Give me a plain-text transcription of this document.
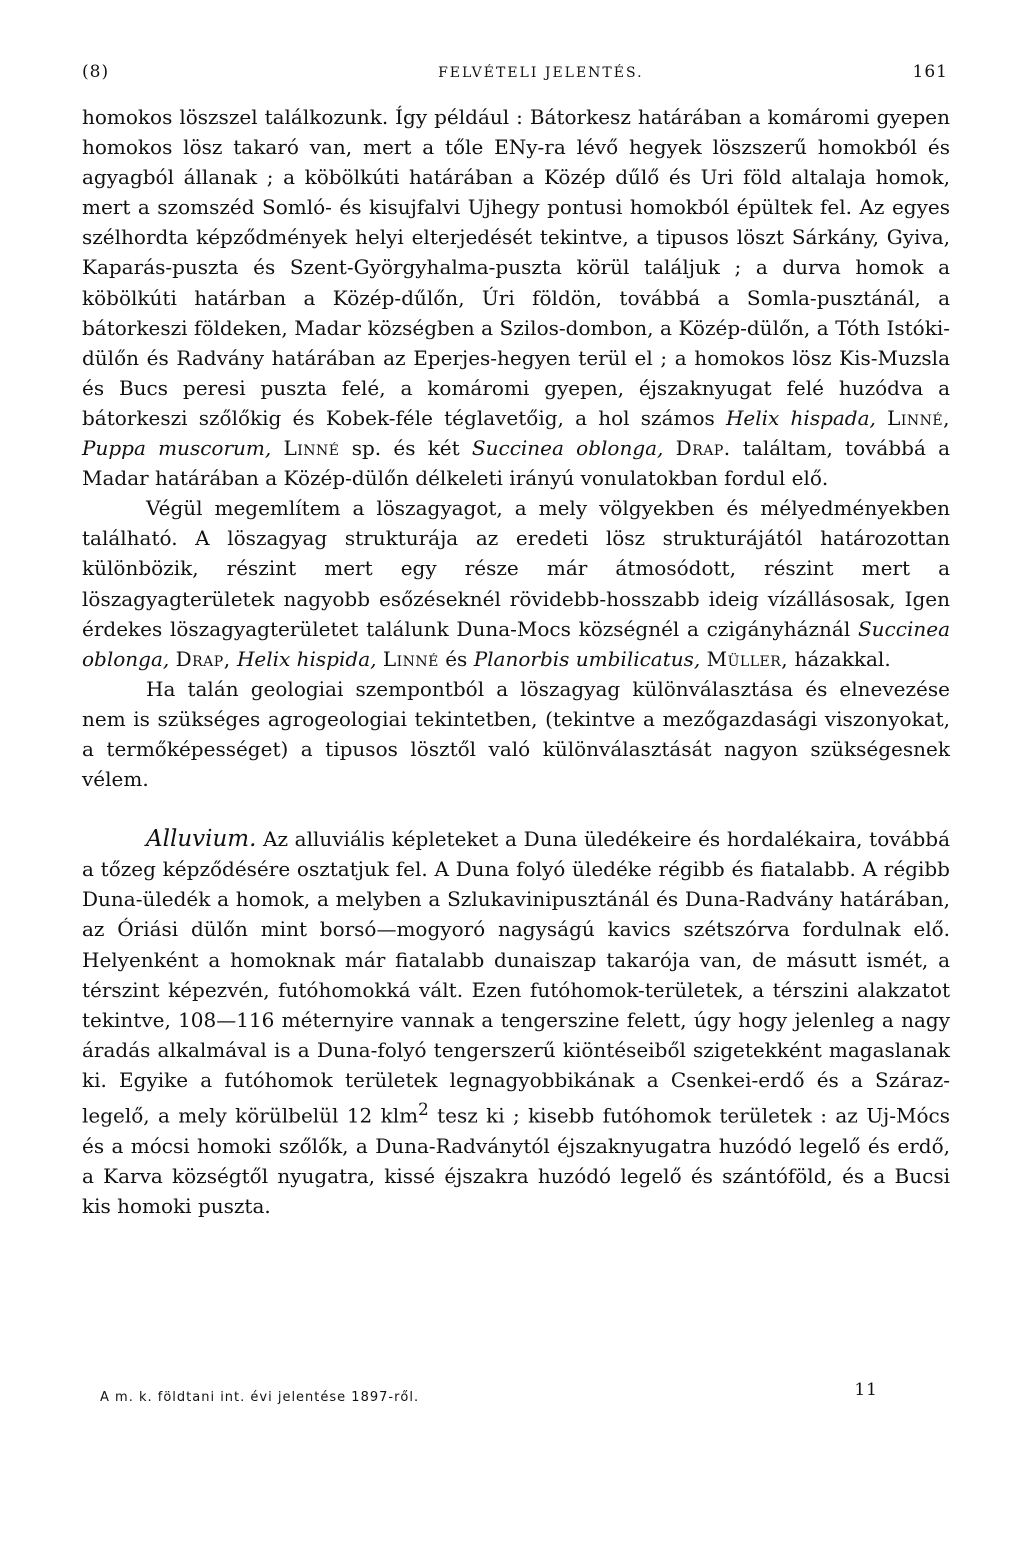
(8)	FELVÉTELI JELENTÉS.	161

homokos löszszel találkozunk. Így például : Bátorkesz határában a komáromi gyepen homokos lösz takaró van, mert a tőle ENy-ra lévő hegyek löszszerű homokból és agyagból állanak ; a köbölkúti határában a Közép dűlő és Uri föld altalaja homok, mert a szomszéd Somló- és kisujfalvi Ujhegy pontusi homokból épültek fel. Az egyes szélhordta képződmények helyi elterjedését tekintve, a tipusos löszt Sárkány, Gyiva, Kaparás-puszta és Szent-Györgyhalma-puszta körül találjuk ; a durva homok a köbölkúti határban a Közép-dűlőn, Úri földön, továbbá a Somla-pusztánál, a bátorkeszi földeken, Madar községben a Szilos-dombon, a Közép-dülőn, a Tóth Istóki-dülőn és Radvány határában az Eperjes-hegyen terül el ; a homokos lösz Kis-Muzsla és Bucs peresi puszta felé, a komáromi gyepen, éjszaknyugat felé huzódva a bátorkeszi szőlőkig és Kobek-féle téglavetőig, a hol számos Helix hispada, Linné, Puppa muscorum, Linné sp. és két Succinea oblonga, Drap. találtam, továbbá a Madar határában a Közép-dülőn délkeleti irányú vonulatokban fordul elő.

Végül megemlítem a löszagyagot, a mely völgyekben és mélyedményekben található. A löszagyag strukturája az eredeti lösz strukturájától határozottan különbözik, részint mert egy része már átmosódott, részint mert a löszagyagterületek nagyobb esőzéseknél rövidebb-hosszabb ideig vízállásosak, Igen érdekes löszagyagterületet találunk Duna-Mocs községnél a czigányháznál Succinea oblonga, Drap, Helix hispida, Linné és Planorbis umbilicatus, Müller, házakkal.

Ha talán geologiai szempontból a löszagyag különválasztása és elnevezése nem is szükséges agrogeologiai tekintetben, (tekintve a mezőgazdasági viszonyokat, a termőképességet) a tipusos lösztől való különválasztását nagyon szükségesnek vélem.

Alluvium. Az alluviális képleteket a Duna üledékeire és hordalékaira, továbbá a tőzeg képződésére osztatjuk fel. A Duna folyó üledéke régibb és fiatalabb. A régibb Duna-üledék a homok, a melyben a Szlukavinipusztánál és Duna-Radvány határában, az Óriási dülőn mint borsó—mogyoró nagyságú kavics szétszórva fordulnak elő. Helyenként a homoknak már fiatalabb dunaiszap takarója van, de másutt ismét, a térszint képezvén, futóhomokká vált. Ezen futóhomok-területek, a térszini alakzatot tekintve, 108—116 méternyire vannak a tengerszine felett, úgy hogy jelenleg a nagy áradás alkalmával is a Duna-folyó tengerszerű kiöntéseiből szigetekként magaslanak ki. Egyike a futóhomok területek legnagyobbikának a Csenkei-erdő és a Száraz-legelő, a mely körülbelül 12 klm$^2$ tesz ki ; kisebb futóhomok területek : az Uj-Mócs és a mócsi homoki szőlők, a Duna-Radványtól éjszaknyugatra huzódó legelő és erdő, a Karva községtől nyugatra, kissé éjszakra huzódó legelő és szántóföld, és a Bucsi kis homoki puszta.

A m. k. földtani int. évi jelentése 1897-ről.	11
